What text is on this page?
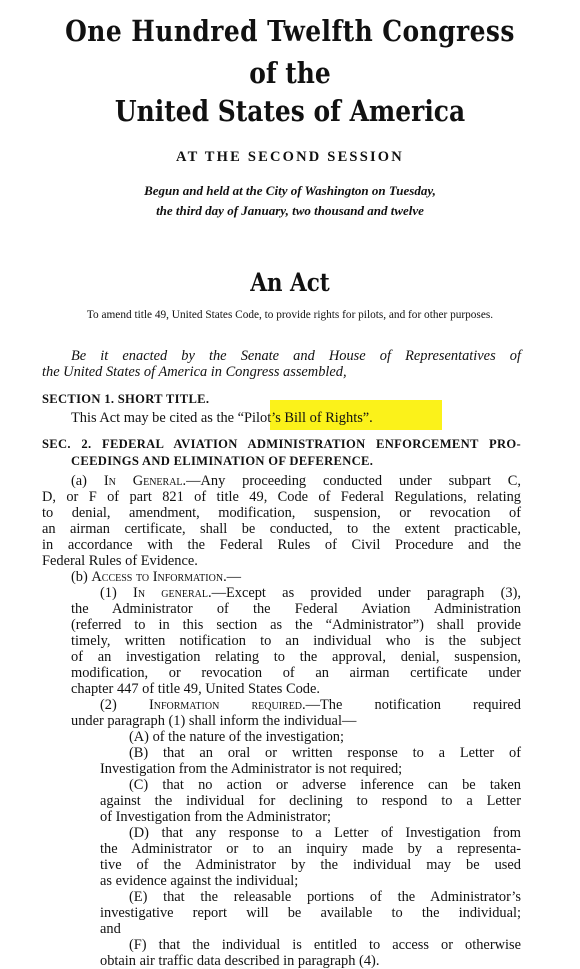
One Hundred Twelfth Congress
of the
United States of America
AT THE SECOND SESSION
Begun and held at the City of Washington on Tuesday,
the third day of January, two thousand and twelve
An Act
To amend title 49, United States Code, to provide rights for pilots, and for other purposes.
Be it enacted by the Senate and House of Representatives of
the United States of America in Congress assembled,
SECTION 1. SHORT TITLE.
This Act may be cited as the “Pilot’s Bill of Rights”.
SEC. 2. FEDERAL AVIATION ADMINISTRATION ENFORCEMENT PRO-
CEEDINGS AND ELIMINATION OF DEFERENCE.
(a) In General.—Any proceeding conducted under subpart C,
D, or F of part 821 of title 49, Code of Federal Regulations, relating
to denial, amendment, modification, suspension, or revocation of
an airman certificate, shall be conducted, to the extent practicable,
in accordance with the Federal Rules of Civil Procedure and the
Federal Rules of Evidence.
(b) Access to Information.—
(1) In general.—Except as provided under paragraph (3),
the Administrator of the Federal Aviation Administration
(referred to in this section as the “Administrator”) shall provide
timely, written notification to an individual who is the subject
of an investigation relating to the approval, denial, suspension,
modification, or revocation of an airman certificate under
chapter 447 of title 49, United States Code.
(2) Information required.—The notification required
under paragraph (1) shall inform the individual—
(A) of the nature of the investigation;
(B) that an oral or written response to a Letter of
Investigation from the Administrator is not required;
(C) that no action or adverse inference can be taken
against the individual for declining to respond to a Letter
of Investigation from the Administrator;
(D) that any response to a Letter of Investigation from
the Administrator or to an inquiry made by a representa-
tive of the Administrator by the individual may be used
as evidence against the individual;
(E) that the releasable portions of the Administrator’s
investigative report will be available to the individual;
and
(F) that the individual is entitled to access or otherwise
obtain air traffic data described in paragraph (4).
